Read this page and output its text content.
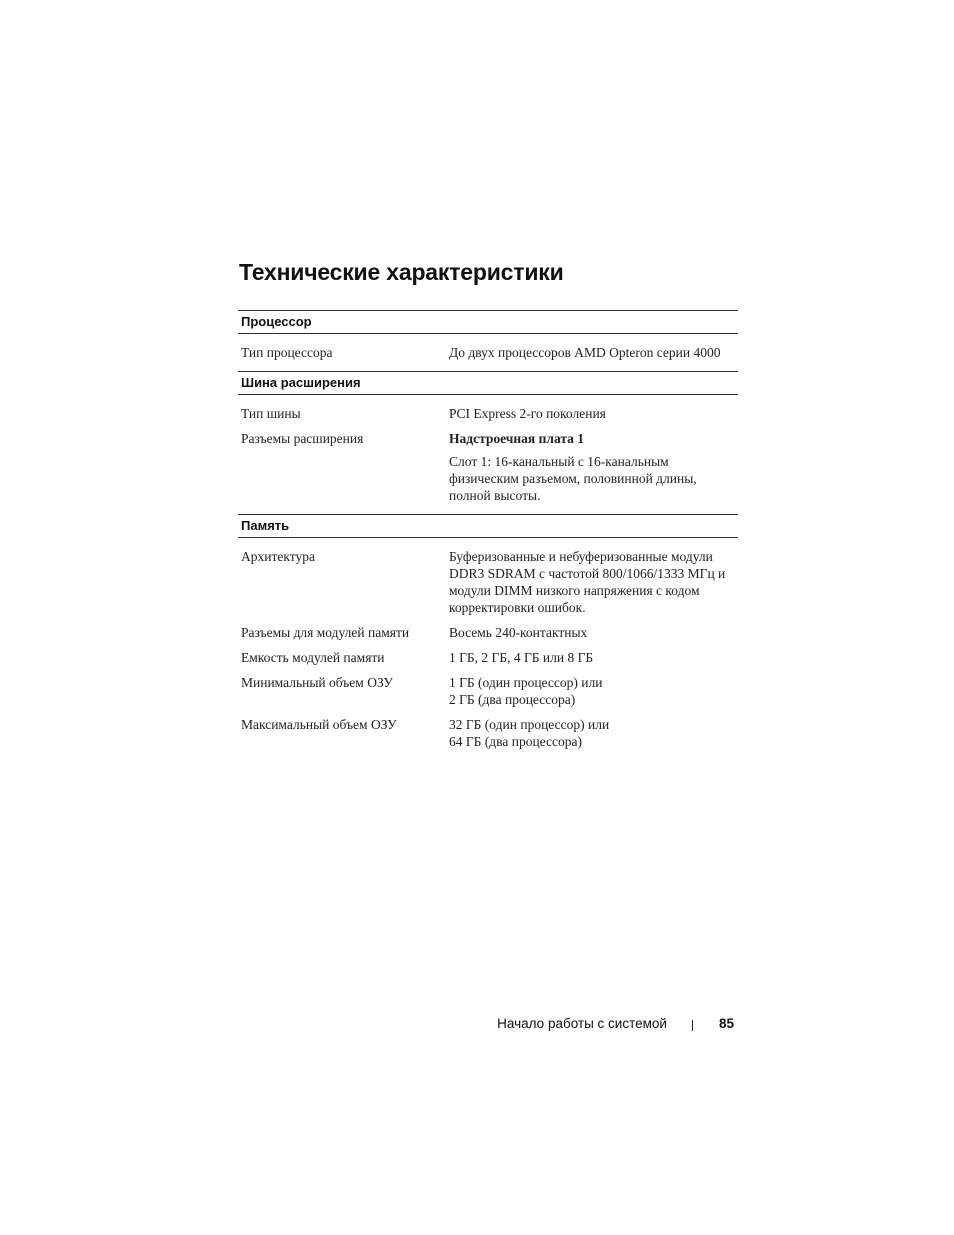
Технические характеристики
Процессор
Тип процессора	До двух процессоров AMD Opteron серии 4000
Шина расширения
Тип шины	PCI Express 2-го поколения
Разъемы расширения	Надстроечная плата 1
Слот 1: 16-канальный с 16-канальным физическим разъемом, половинной длины, полной высоты.
Память
Архитектура	Буферизованные и небуферизованные модули DDR3 SDRAM с частотой 800/1066/1333 МГц и модули DIMM низкого напряжения с кодом корректировки ошибок.
Разъемы для модулей памяти	Восемь 240-контактных
Емкость модулей памяти	1 ГБ, 2 ГБ, 4 ГБ или 8 ГБ
Минимальный объем ОЗУ	1 ГБ (один процессор) или
2 ГБ (два процессора)
Максимальный объем ОЗУ	32 ГБ (один процессор) или
64 ГБ (два процессора)
Начало работы с системой	85
